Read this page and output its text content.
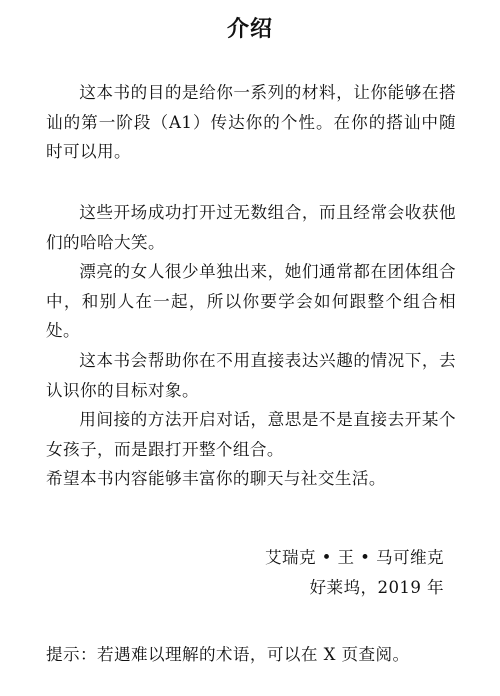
介绍

这本书的目的是给你一系列的材料，让你能够在搭讪的第一阶段（A1）传达你的个性。在你的搭讪中随时可以用。

这些开场成功打开过无数组合，而且经常会收获他们的哈哈大笑。

漂亮的女人很少单独出来，她们通常都在团体组合中，和别人在一起，所以你要学会如何跟整个组合相处。

这本书会帮助你在不用直接表达兴趣的情况下，去认识你的目标对象。

用间接的方法开启对话，意思是不是直接去开某个女孩子，而是跟打开整个组合。

希望本书内容能够丰富你的聊天与社交生活。

艾瑞克 • 王 • 马可维克
好莱坞，2019 年
提示：若遇难以理解的术语，可以在 X 页查阅。
